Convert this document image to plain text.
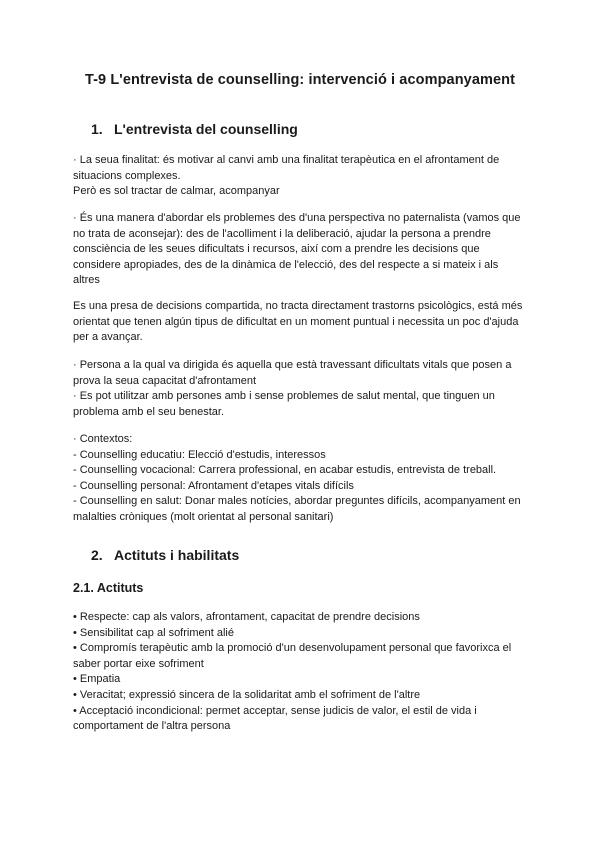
T-9 L'entrevista de counselling: intervenció i acompanyament
1. L'entrevista del counselling
· La seua finalitat: és motivar al canvi amb una finalitat terapèutica en el afrontament de
situacions complexes.
Però es sol tractar de calmar, acompanyar
· És una manera d'abordar els problemes des d'una perspectiva no paternalista (vamos que
no trata de aconsejar): des de l'acolliment i la deliberació, ajudar la persona a prendre
consciència de les seues dificultats i recursos, així com a prendre les decisions que
considere apropiades, des de la dinàmica de l'elecció, des del respecte a si mateix i als
altres
Es una presa de decisions compartida, no tracta directament trastorns psicològics, está més
orientat que tenen algún tipus de dificultat en un moment puntual i necessita un poc d'ajuda
per a avançar.
· Persona a la qual va dirigida és aquella que està travessant dificultats vitals que posen a
prova la seua capacitat d'afrontament
· Es pot utilitzar amb persones amb i sense problemes de salut mental, que tinguen un
problema amb el seu benestar.
· Contextos:
- Counselling educatiu: Elecció d'estudis, interessos
- Counselling vocacional: Carrera professional, en acabar estudis, entrevista de treball.
- Counselling personal: Afrontament d'etapes vitals difícils
- Counselling en salut: Donar males notícies, abordar preguntes difícils, acompanyament en
malalties cròniques (molt orientat al personal sanitari)
2. Actituts i habilitats
2.1. Actituts
• Respecte: cap als valors, afrontament, capacitat de prendre decisions
• Sensibilitat cap al sofriment alié
• Compromís terapèutic amb la promoció d'un desenvolupament personal que favorixca el
saber portar eixe sofriment
• Empatia
• Veracitat; expressió sincera de la solidaritat amb el sofriment de l'altre
• Acceptació incondicional: permet acceptar, sense judicis de valor, el estil de vida i
comportament de l'altra persona
